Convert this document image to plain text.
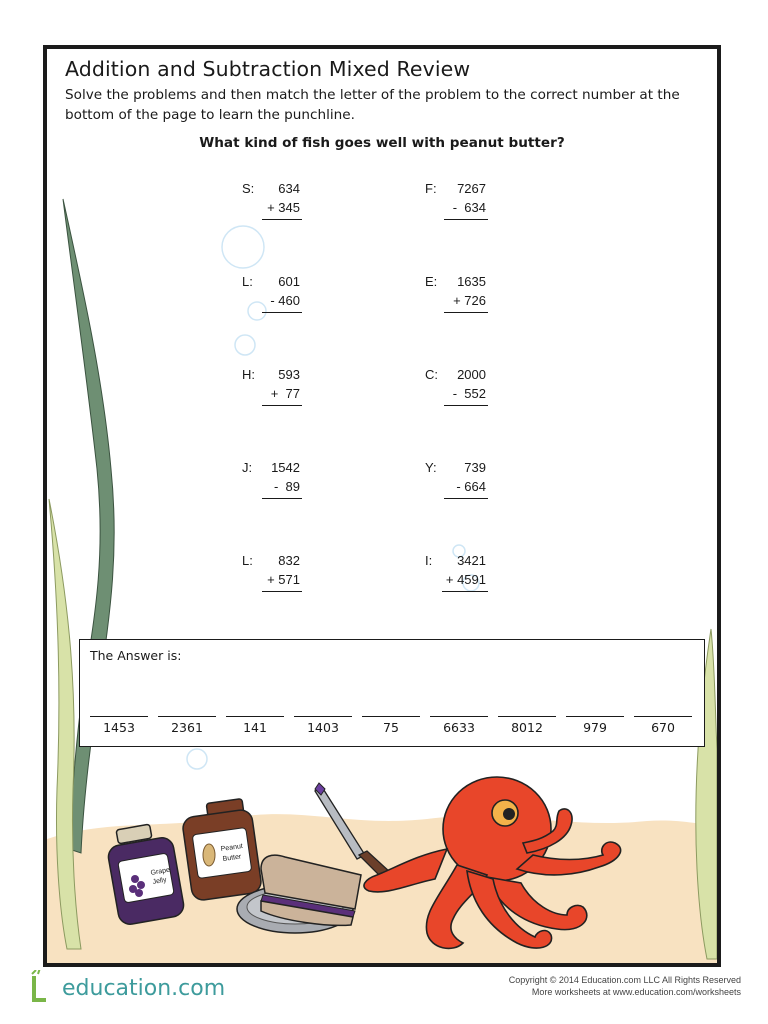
Grape
Jelly
Peanut
Butter
Addition and Subtraction Mixed Review
Solve the problems and then match the letter of the problem to the correct number at the bottom of the page to learn the punchline.
What kind of fish goes well with peanut butter?
S: 634
+ 345
L: 601
- 460
H: 593
+  77
J: 1542
-  89
L: 832
+ 571
F: 7267
-  634
E: 1635
+ 726
C: 2000
-  552
Y: 739
- 664
I: 3421
+ 4591
The Answer is:
1453	2361	141	1403	75	6633	8012	979	670
education.com	Copyright © 2014 Education.com LLC All Rights Reserved
More worksheets at www.education.com/worksheets
